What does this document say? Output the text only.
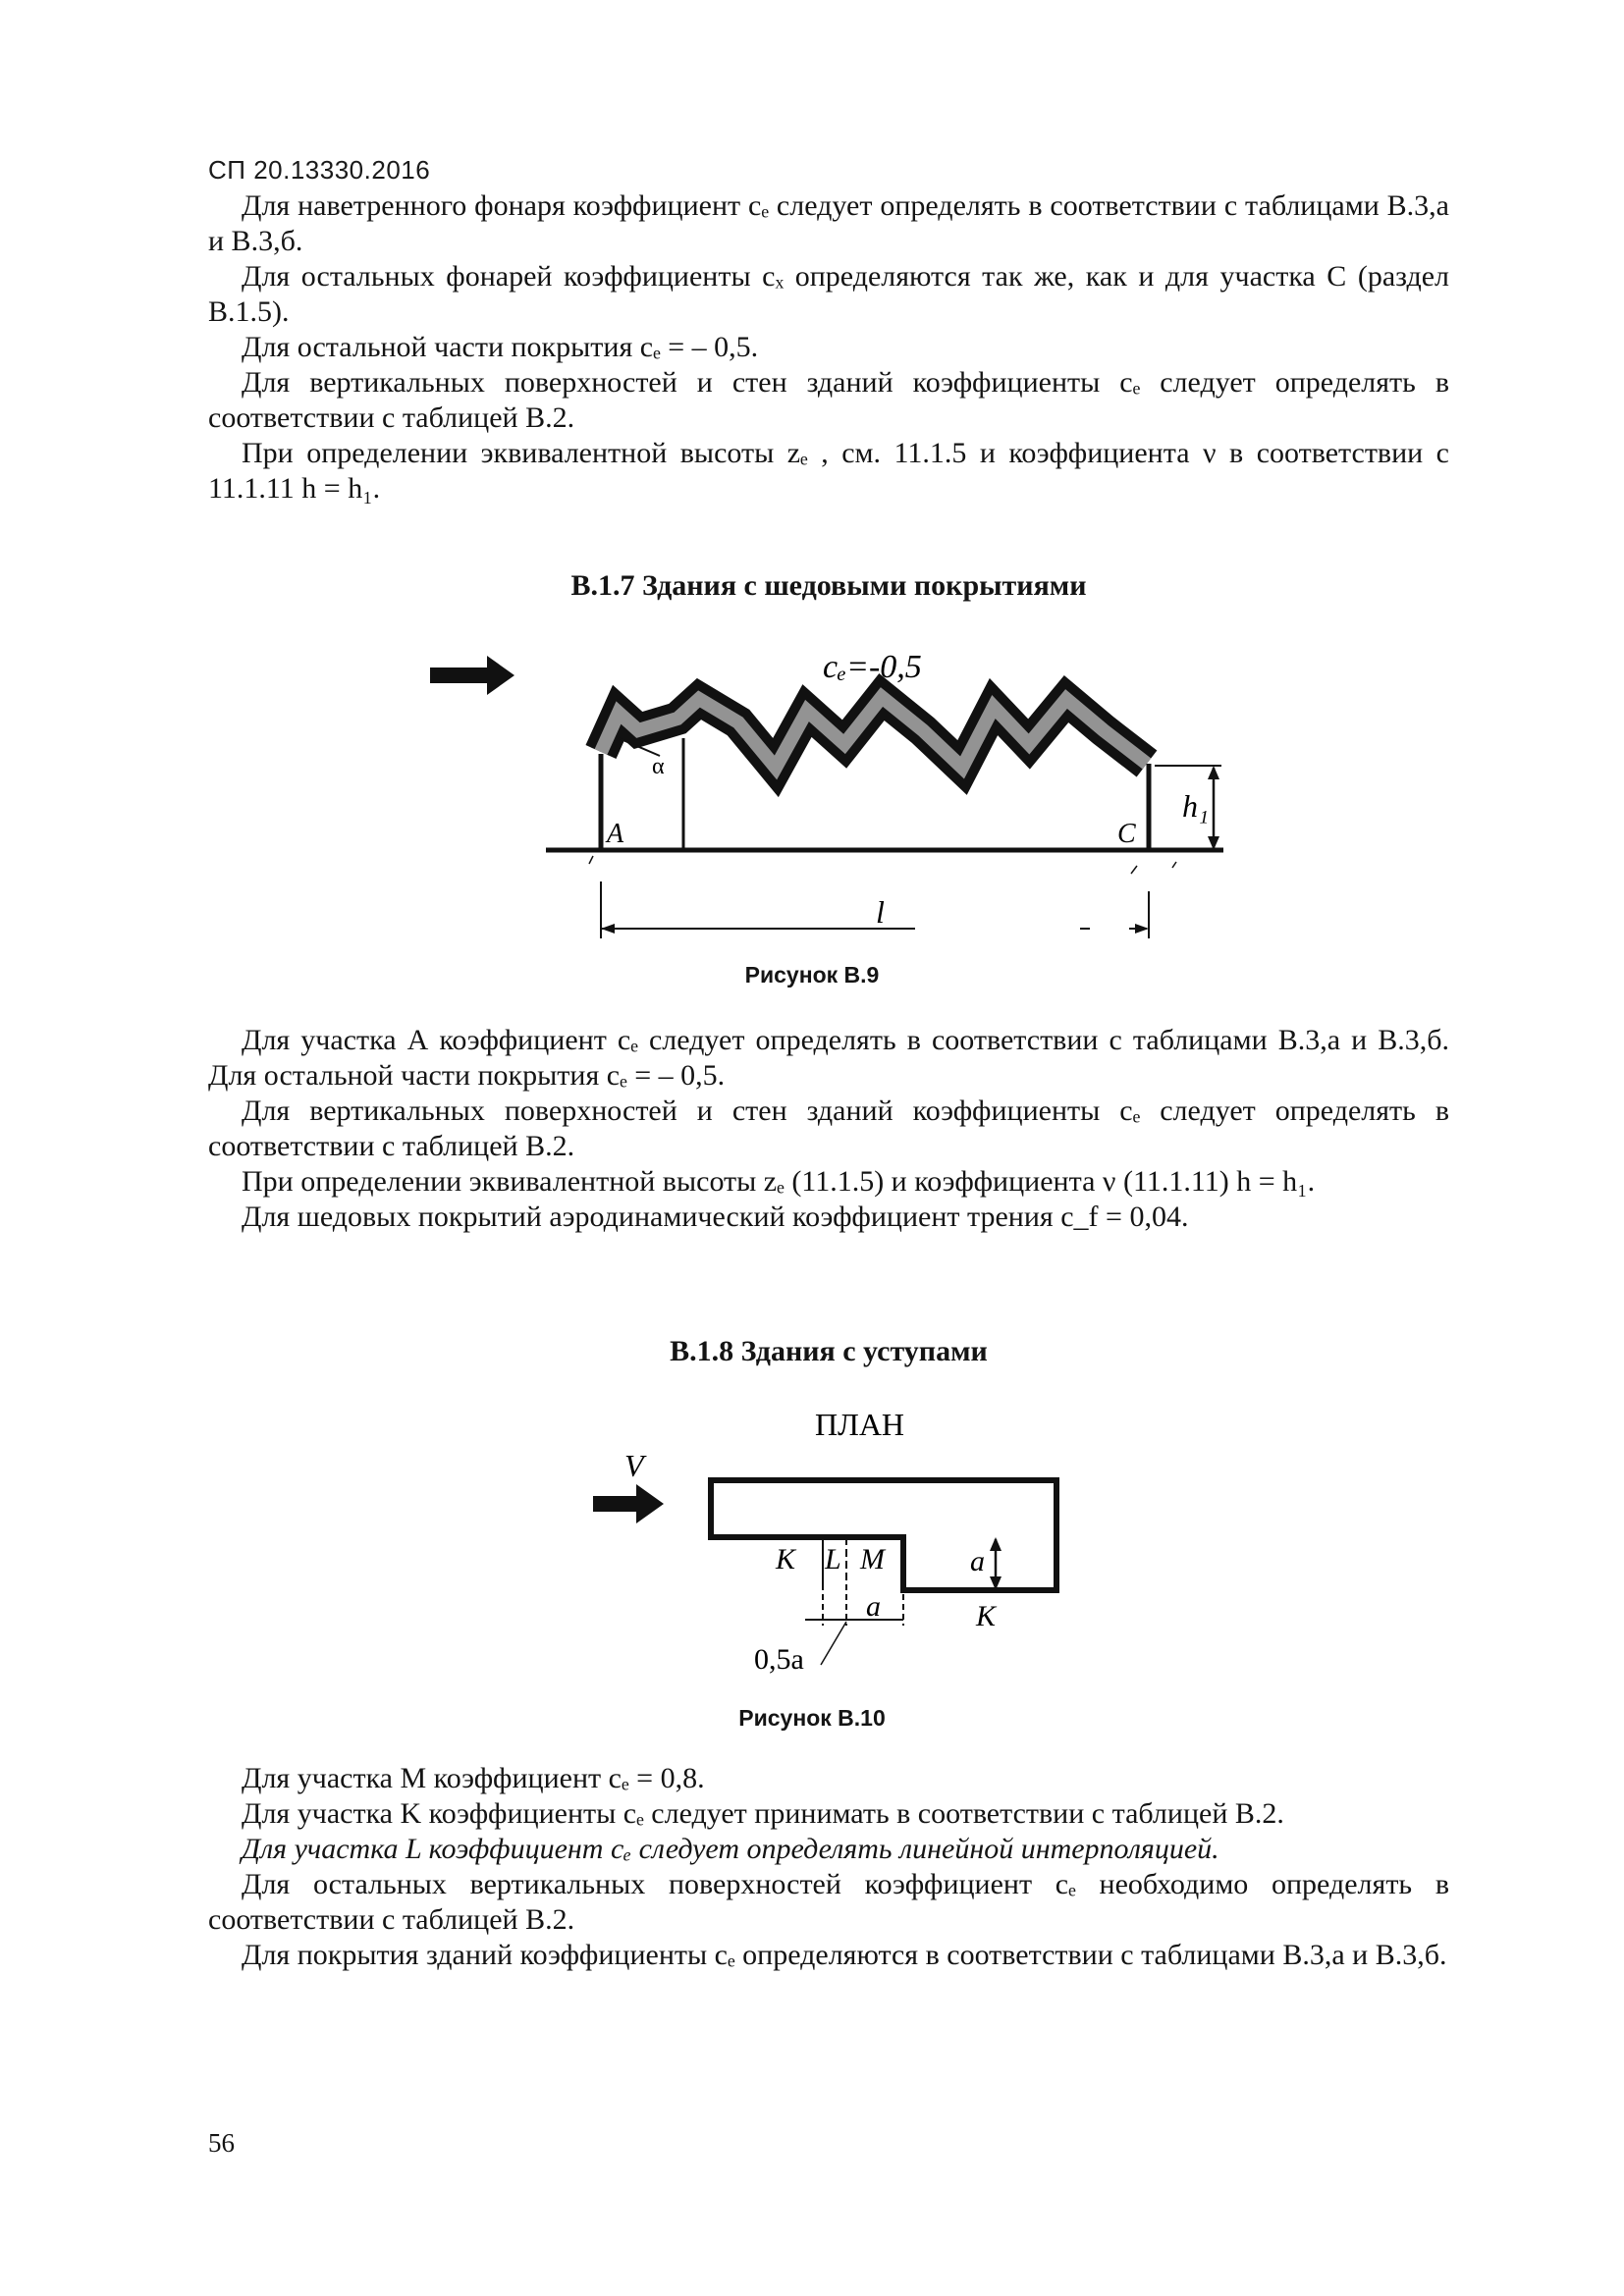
СП 20.13330.2016

Для наветренного фонаря коэффициент cₑ следует определять в соответствии с таблицами В.3,а и В.3,б.

Для остальных фонарей коэффициенты cₓ определяются так же, как и для участка С (раздел В.1.5).

Для остальной части покрытия cₑ = – 0,5.

Для вертикальных поверхностей и стен зданий коэффициенты cₑ следует определять в соответствии с таблицей В.2.

При определении эквивалентной высоты zₑ , см. 11.1.5 и коэффициента ν в соответствии с 11.1.11 h = h₁.

В.1.7 Здания с шедовыми покрытиями
cₑ=-0,5
α
A	C
h₁
l
Рисунок В.9

Для участка А коэффициент cₑ следует определять в соответствии с таблицами В.3,а и В.3,б. Для остальной части покрытия cₑ = – 0,5.

Для вертикальных поверхностей и стен зданий коэффициенты cₑ следует определять в соответствии с таблицей В.2.

При определении эквивалентной высоты zₑ (11.1.5) и коэффициента ν (11.1.11) h = h₁.

Для шедовых покрытий аэродинамический коэффициент трения c_f = 0,04.

В.1.8 Здания с уступами
ПЛАН
V
K L M	a
a	K
0,5a
Рисунок В.10

Для участка M коэффициент cₑ = 0,8.

Для участка K коэффициенты cₑ следует принимать в соответствии с таблицей В.2.

Для участка L коэффициент cₑ следует определять линейной интерполяцией.

Для остальных вертикальных поверхностей коэффициент cₑ необходимо определять в соответствии с таблицей В.2.

Для покрытия зданий коэффициенты cₑ определяются в соответствии с таблицами В.3,а и В.3,б.

56
